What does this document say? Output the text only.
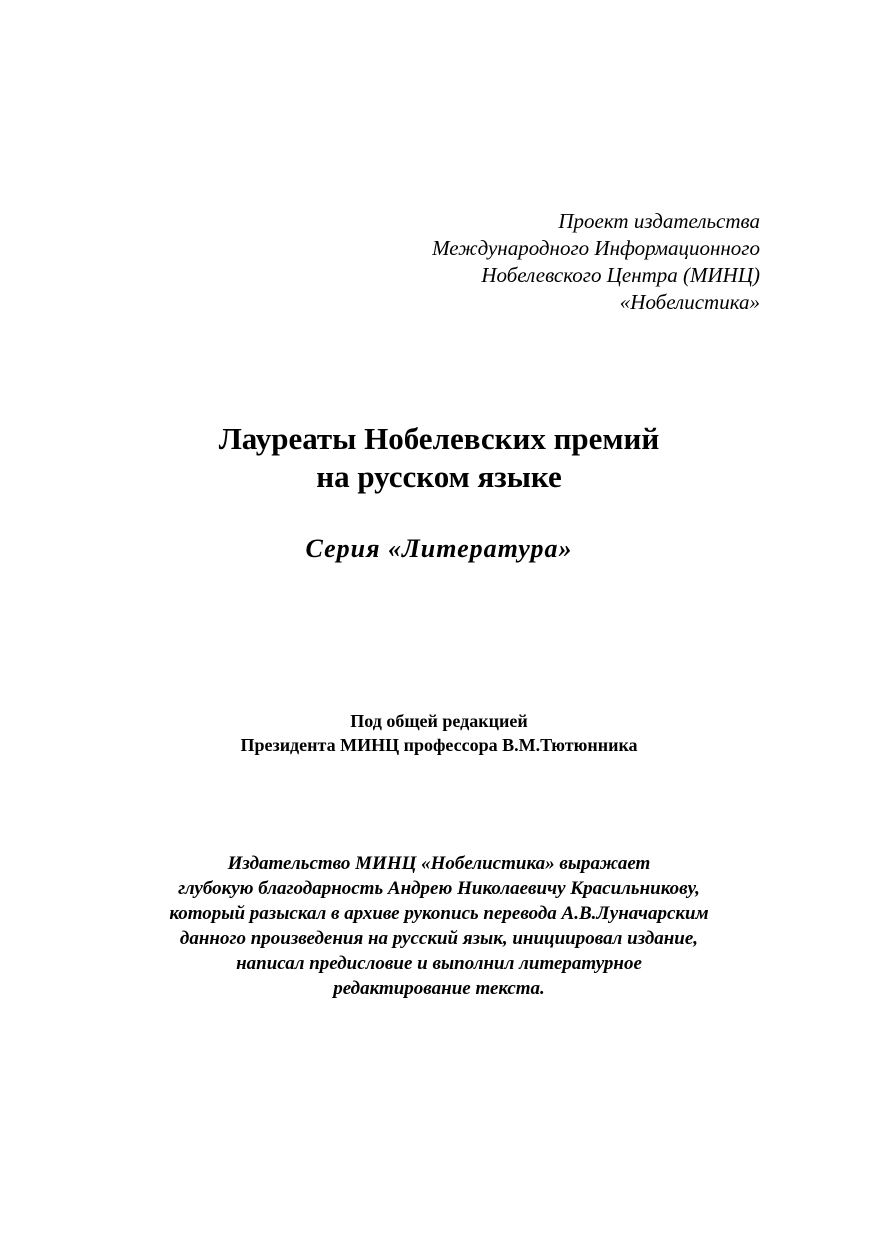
Проект издательства
Международного Информационного
Нобелевского Центра (МИНЦ)
«Нобелистика»
Лауреаты Нобелевских премий
на русском языке
Серия «Литература»
Под общей редакцией
Президента МИНЦ профессора В.М.Тютюнника
Издательство МИНЦ «Нобелистика» выражает
глубокую благодарность Андрею Николаевичу Красильникову,
который разыскал в архиве рукопись перевода А.В.Луначарским
данного произведения на русский язык, инициировал издание,
написал предисловие и выполнил литературное
редактирование текста.
